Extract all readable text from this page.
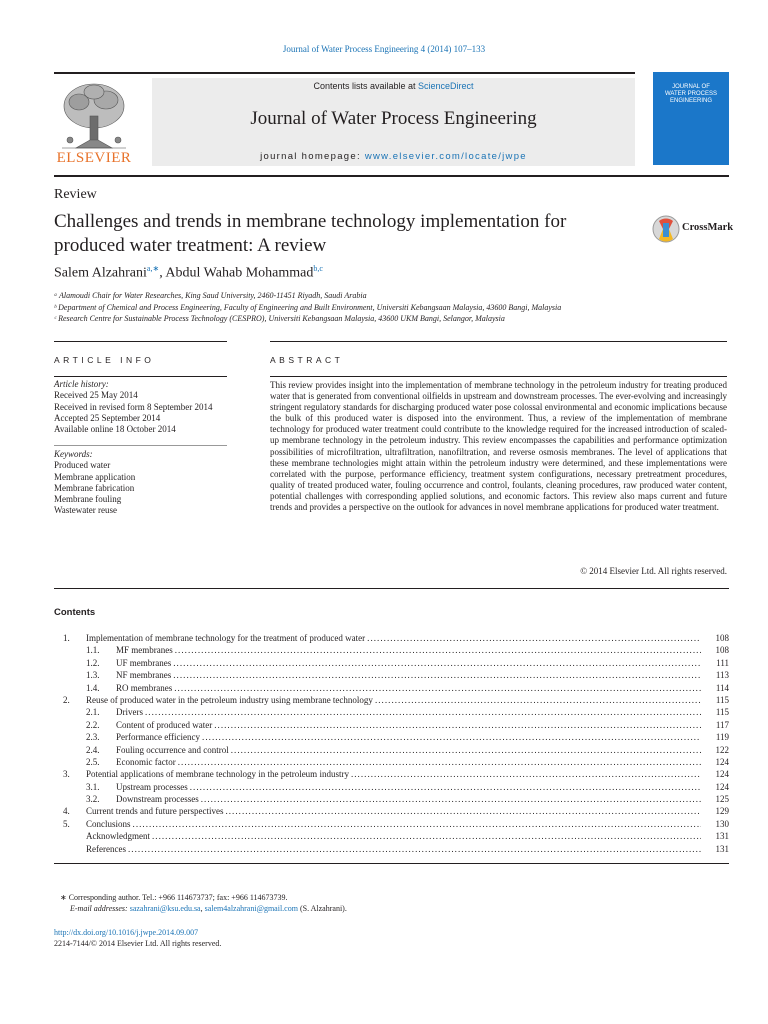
Journal of Water Process Engineering 4 (2014) 107–133
ELSEVIER
Contents lists available at ScienceDirect
Journal of Water Process Engineering
journal homepage: www.elsevier.com/locate/jwpe
JOURNAL OF
WATER PROCESS
ENGINEERING
Review
Challenges and trends in membrane technology implementation for produced water treatment: A review
CrossMark
Salem Alzahrani$^{a,∗}$, Abdul Wahab Mohammad$^{b,c}$
ᵃ Alamoudi Chair for Water Researches, King Saud University, 2460-11451 Riyadh, Saudi Arabia
ᵇ Department of Chemical and Process Engineering, Faculty of Engineering and Built Environment, Universiti Kebangsaan Malaysia, 43600 Bangi, Malaysia
ᶜ Research Centre for Sustainable Process Technology (CESPRO), Universiti Kebangsaan Malaysia, 43600 UKM Bangi, Selangor, Malaysia
ARTICLE INFO
Article history:
Received 25 May 2014
Received in revised form 8 September 2014
Accepted 25 September 2014
Available online 18 October 2014
Keywords:
Produced water
Membrane application
Membrane fabrication
Membrane fouling
Wastewater reuse
ABSTRACT
This review provides insight into the implementation of membrane technology in the petroleum industry for treating produced water that is generated from conventional oilfields in upstream and downstream processes. The ever-evolving and increasingly stringent regulatory standards for discharging produced water pose colossal environmental and economic implications because the bulk of this produced water is disposed into the environment. Thus, a review of the implementation of membrane technology for produced water treatment could contribute to the knowledge required for the increased introduction of scaled-up membrane technology in the petroleum industry. This review encompasses the capabilities and performance optimization possibilities of microfiltration, ultrafiltration, nanofiltration, and reverse osmosis membranes. The level of applications that these membrane technologies might attain within the petroleum industry were determined, and these implementations were correlated with the purpose, performance efficiency, treatment system configurations, necessary pretreatment procedures, quality of treated produced water, fouling occurrence and control, foulants, cleaning procedures, raw produced water content, potential challenges with corresponding applied solutions, and economic factors. This review also maps current and future trends and provides a perspective on the outlook for advances in novel membrane applications for produced water treatment.
© 2014 Elsevier Ltd. All rights reserved.
Contents
1.	Implementation of membrane technology for the treatment of produced water . . .	108
1.1.	MF membranes . . .	108
1.2.	UF membranes . . .	111
1.3.	NF membranes . . .	113
1.4.	RO membranes . . .	114
2.	Reuse of produced water in the petroleum industry using membrane technology . . .	115
2.1.	Drivers . . .	115
2.2.	Content of produced water . . .	117
2.3.	Performance efficiency . . .	119
2.4.	Fouling occurrence and control . . .	122
2.5.	Economic factor . . .	124
3.	Potential applications of membrane technology in the petroleum industry . . .	124
3.1.	Upstream processes . . .	124
3.2.	Downstream processes . . .	125
4.	Current trends and future perspectives . . .	129
5.	Conclusions . . .	130
Acknowledgment . . .	131
References . . .	131
∗ Corresponding author. Tel.: +966 114673737; fax: +966 114673739.
E-mail addresses: sazahrani@ksu.edu.sa, salem4alzahrani@gmail.com (S. Alzahrani).
http://dx.doi.org/10.1016/j.jwpe.2014.09.007
2214-7144/© 2014 Elsevier Ltd. All rights reserved.
